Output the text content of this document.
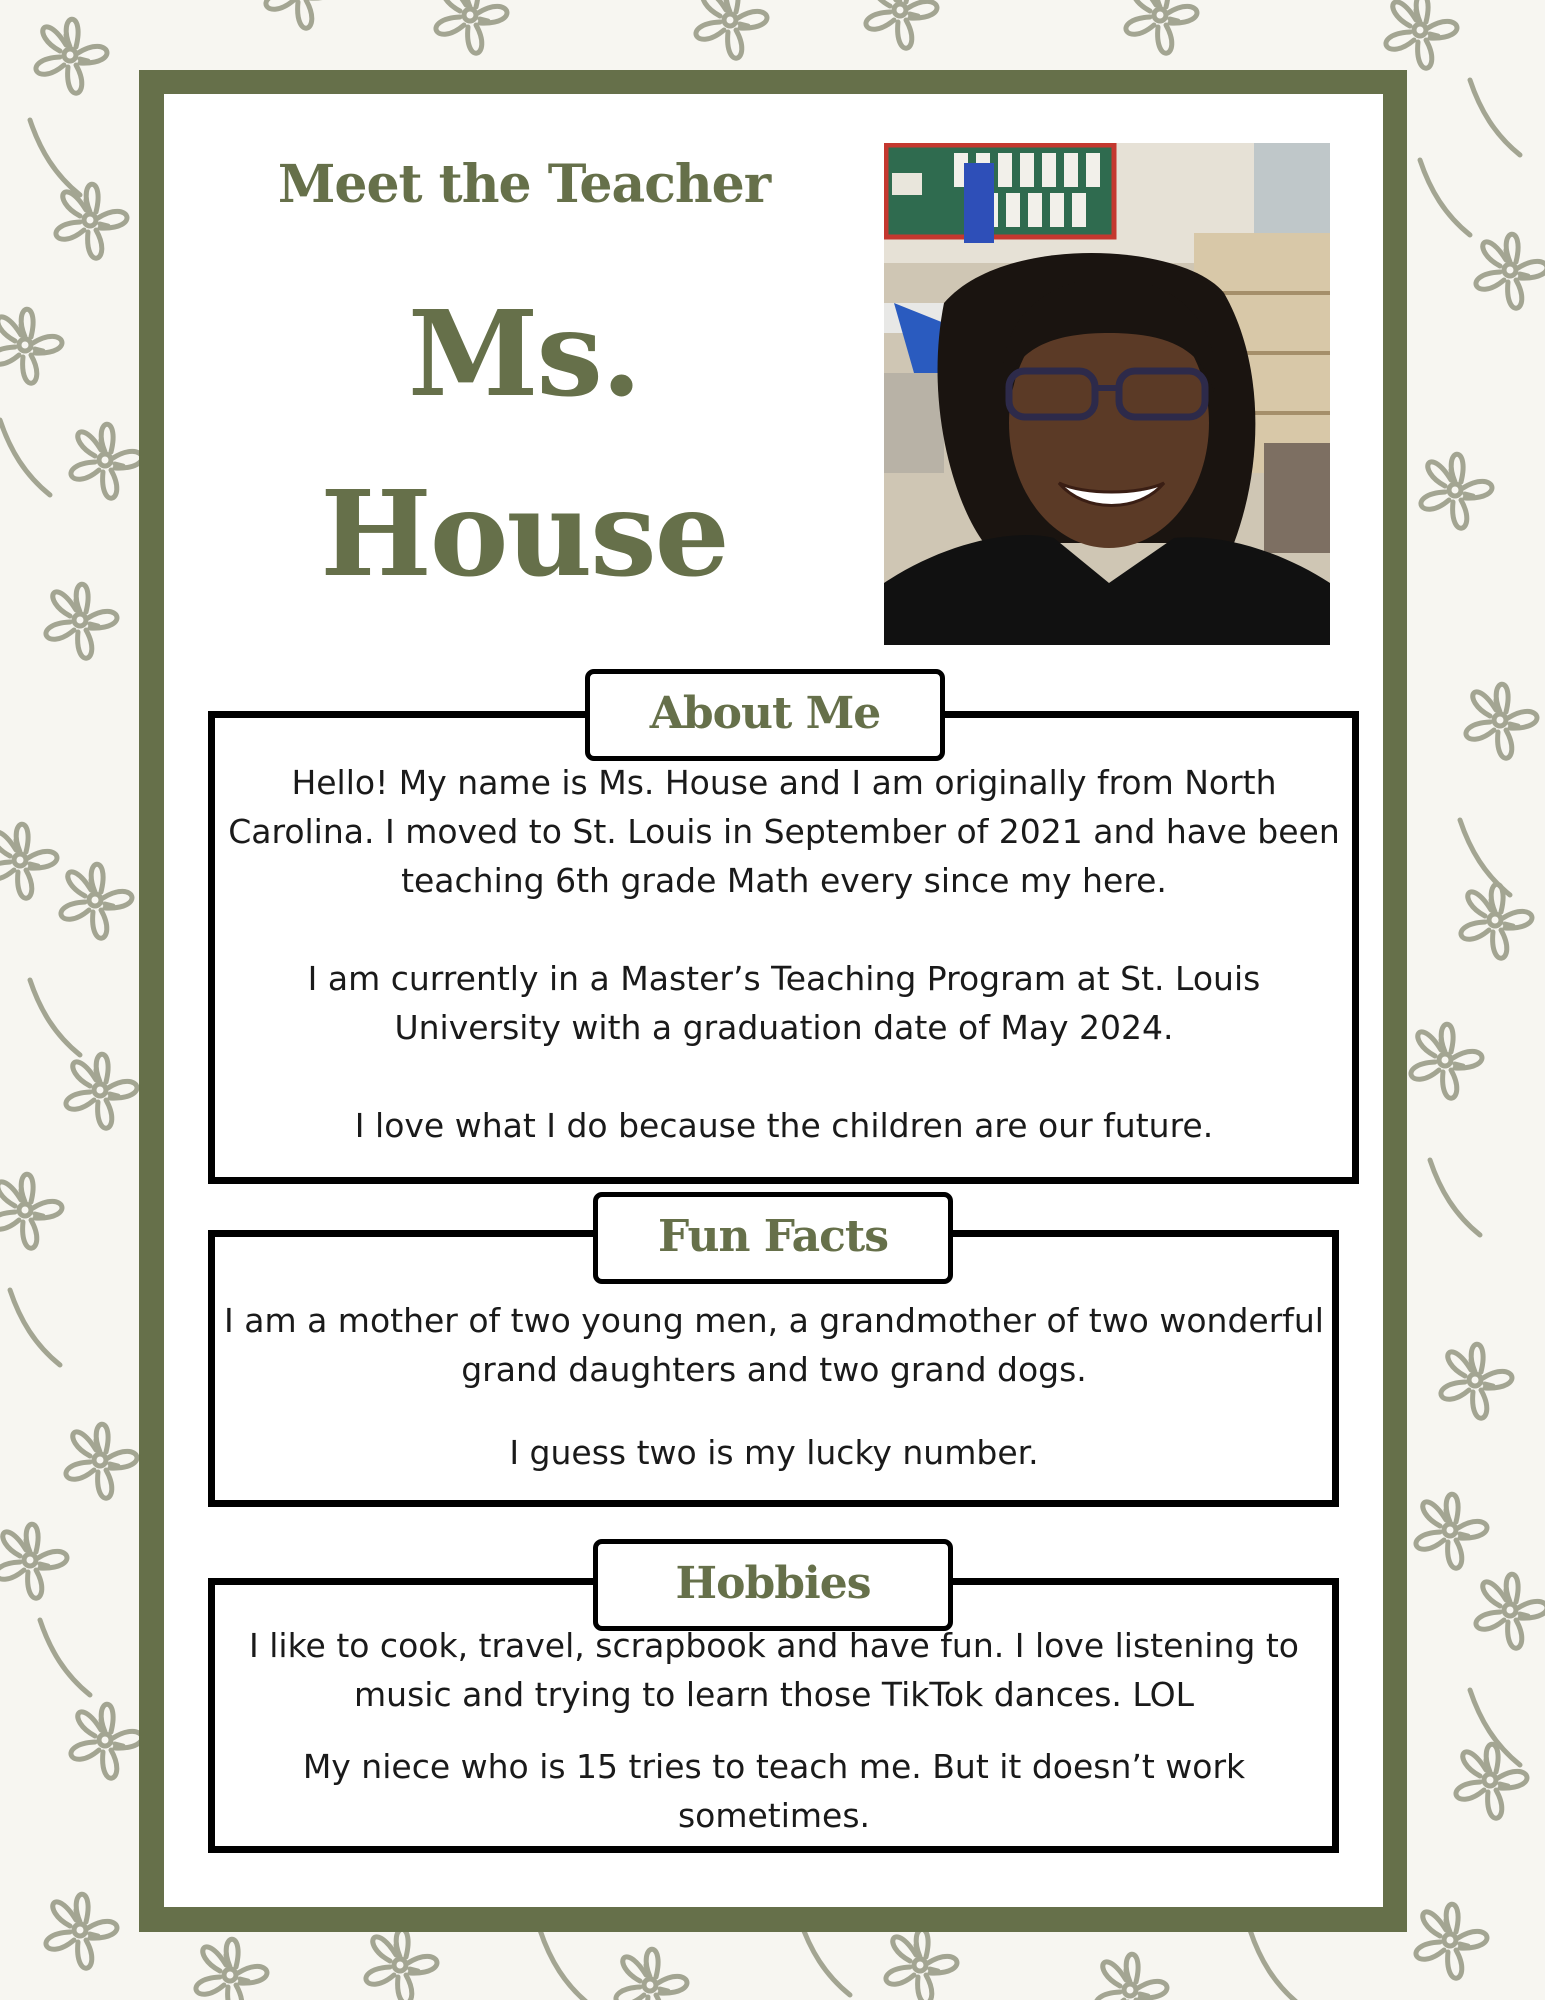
Meet the Teacher
Ms.
House
About Me

Hello! My name is Ms. House and I am originally from North Carolina. I moved to St. Louis in September of 2021 and have been teaching 6th grade Math every since my here.

I am currently in a Master’s Teaching Program at St. Louis University with a graduation date of May 2024.

I love what I do because the children are our future.

Fun Facts

I am a mother of two young men, a grandmother of two wonderful grand daughters and two grand dogs.

I guess two is my lucky number.

Hobbies

I like to cook, travel, scrapbook and have fun. I love listening to music and trying to learn those TikTok dances. LOL

My niece who is 15 tries to teach me. But it doesn’t work sometimes.
